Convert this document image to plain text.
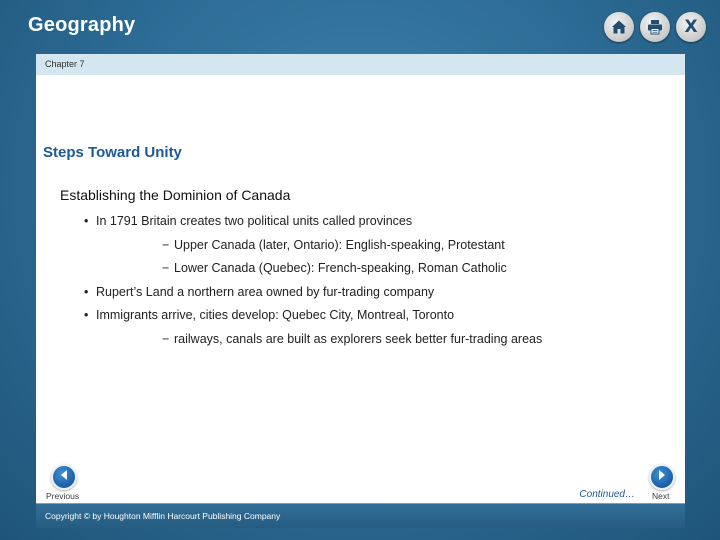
Geography	X
Chapter 7
Steps Toward Unity
Establishing the Dominion of Canada
• In 1791 Britain creates two political units called provinces
− Upper Canada (later, Ontario): English-speaking, Protestant
− Lower Canada (Quebec): French-speaking, Roman Catholic
• Rupert’s Land a northern area owned by fur-trading company
• Immigrants arrive, cities develop: Quebec City, Montreal, Toronto
− railways, canals are built as explorers seek better fur-trading areas
Previous	Continued… Next
Copyright © by Houghton Mifflin Harcourt Publishing Company
